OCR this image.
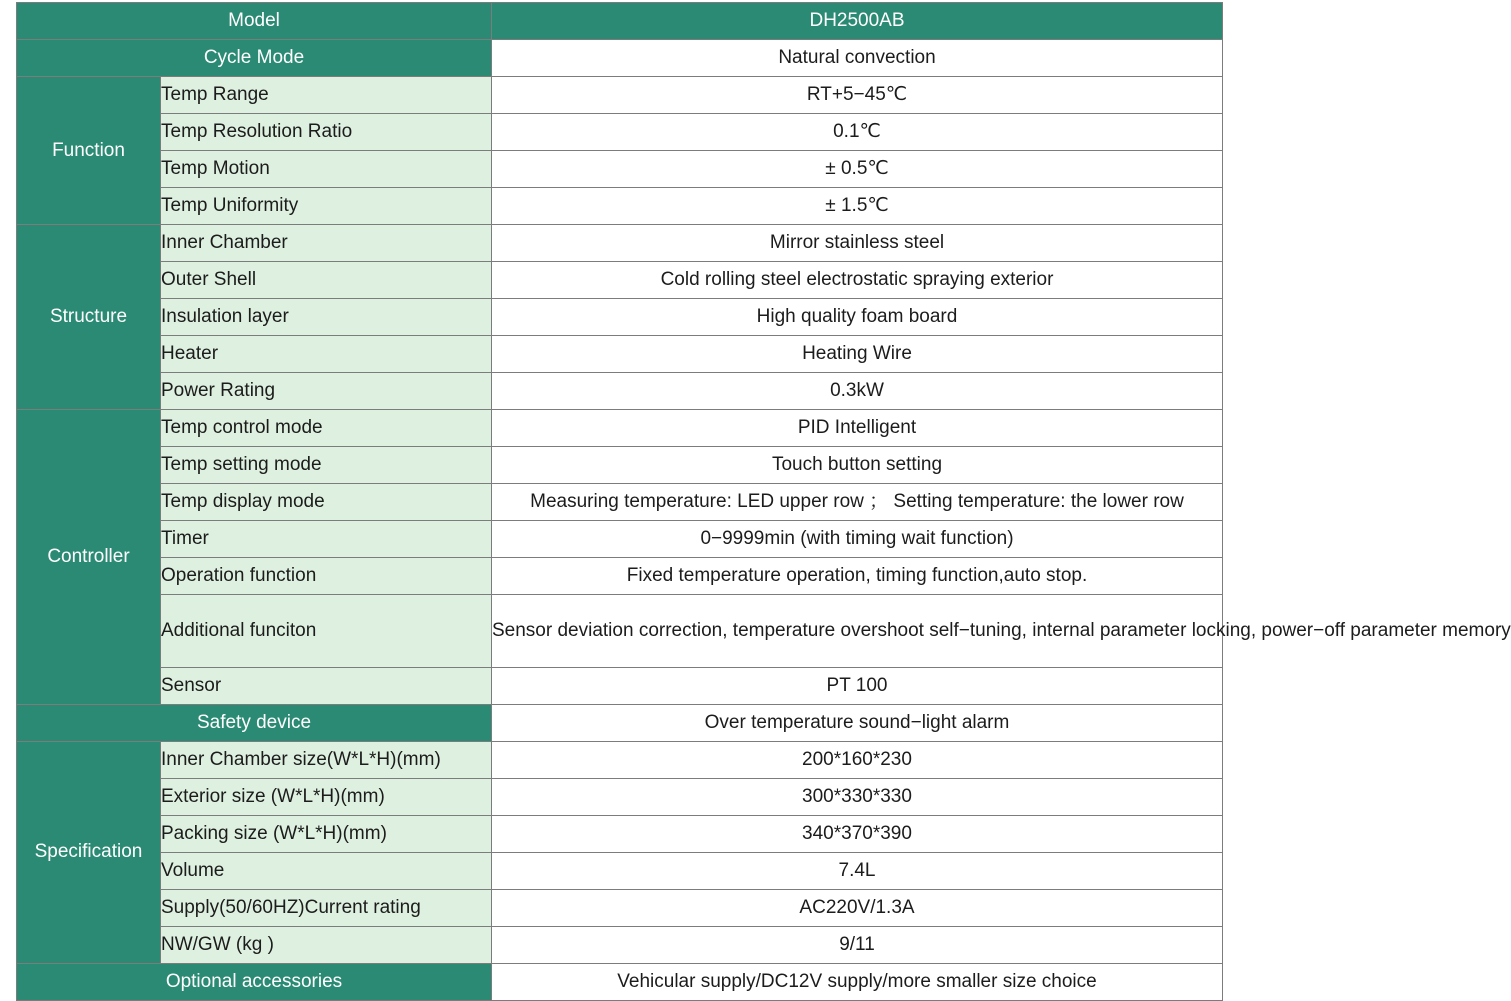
Model		DH2500AB
Cycle Mode		Natural convection
Function	Temp Range	RT+5−45℃
	Temp Resolution Ratio	0.1℃
	Temp Motion	± 0.5℃
	Temp Uniformity	± 1.5℃
Structure	Inner Chamber	Mirror stainless steel
	Outer Shell	Cold rolling steel electrostatic spraying exterior
	Insulation layer	High quality foam board
	Heater	Heating Wire
	Power Rating	0.3kW
Controller	Temp control mode	PID Intelligent
	Temp setting mode	Touch button setting
	Temp display mode	Measuring temperature: LED upper row ； Setting temperature: the lower row
	Timer	0−9999min (with timing wait function)
	Operation function	Fixed temperature operation, timing function,auto stop.
	Additional funciton	Sensor deviation correction, temperature overshoot self−tuning, internal parameter locking, power−off parameter memory
	Sensor	PT 100
Safety device		Over temperature sound−light alarm
Specification	Inner Chamber size(W*L*H)(mm)	200*160*230
	Exterior size (W*L*H)(mm)	300*330*330
	Packing size (W*L*H)(mm)	340*370*390
	Volume	7.4L
	Supply(50/60HZ)Current rating	AC220V/1.3A
	NW/GW (kg )	9/11
Optional accessories		Vehicular supply/DC12V supply/more smaller size choice
